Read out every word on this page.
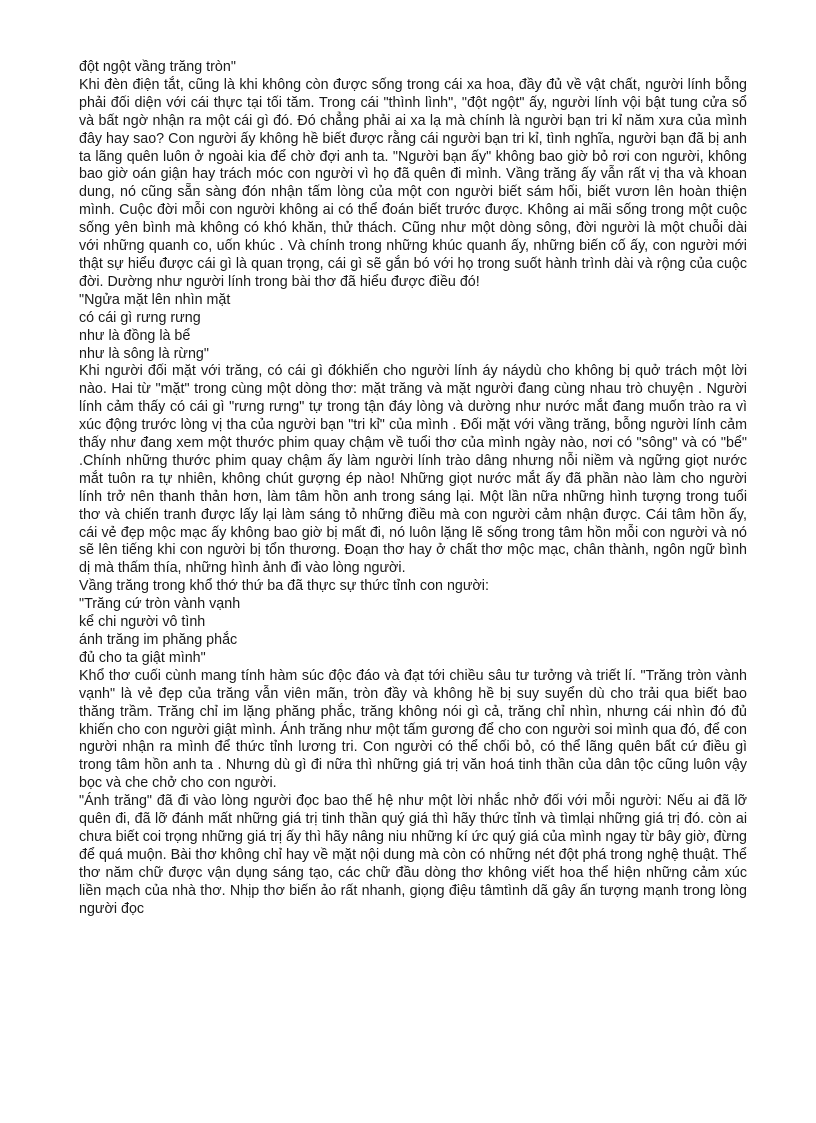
đột ngột vầng trăng tròn"

Khi đèn điện tắt, cũng là khi không còn được sống trong cái xa hoa, đầy đủ về vật chất, người lính bỗng phải đối diện với cái thực tại tối tăm. Trong cái "thình lình", "đột ngột" ấy, người lính vội bật tung cửa sổ và bất ngờ nhận ra một cái gì đó. Đó chẳng phải ai xa lạ mà chính là người bạn tri kỉ năm xưa của mình đây hay sao? Con người ấy không hề biết được rằng cái người bạn tri kỉ, tình nghĩa, người bạn đã bị anh ta lãng quên luôn ở ngoài kia để chờ đợi anh ta. "Người bạn ấy" không bao giờ bỏ rơi con người, không bao giờ oán giận hay trách móc con người vì họ đã quên đi mình. Vầng trăng ấy vẫn rất vị tha và khoan dung, nó cũng sẵn sàng đón nhận tấm lòng của một con người biết sám hối, biết vươn lên hoàn thiện mình. Cuộc đời mỗi con người không ai có thể đoán biết trước được. Không ai mãi sống trong một cuộc sống yên bình mà không có khó khăn, thử thách. Cũng như một dòng sông, đời người là một chuỗi dài với những quanh co, uốn khúc . Và chính trong những khúc quanh ấy, những biến cố ấy, con người mới thật sự hiểu được cái gì là quan trọng, cái gì sẽ gắn bó với họ trong suốt hành trình dài và rộng của cuộc đời. Dường như người lính trong bài thơ đã hiểu được điều đó!

"Ngửa mặt lên nhìn mặt

có cái gì rưng rưng

như là đồng là bể

như là sông là rừng"

Khi người đối mặt với trăng, có cái gì đókhiến cho người lính áy náydù cho không bị quở trách một lời nào. Hai từ "mặt" trong cùng một dòng thơ: mặt trăng và mặt người đang cùng nhau trò chuyện . Người lính cảm thấy có cái gì "rưng rưng" tự trong tận đáy lòng và dường như nước mắt đang muốn trào ra vì xúc động trước lòng vị tha của người bạn "tri kỉ" của mình . Đối mặt với vầng trăng, bỗng người lính cảm thấy như đang xem một thước phim quay chậm về tuổi thơ của mình ngày nào, nơi có "sông" và có "bể" .Chính những thước phim quay chậm ấy làm người lính trào dâng nhưng nỗi niềm và ngững giọt nước mắt tuôn ra tự nhiên, không chút gượng ép nào! Những giọt nước mắt ấy đã phần nào làm cho người lính trở nên thanh thản hơn, làm tâm hồn anh trong sáng lại. Một lần nữa những hình tượng trong tuổi thơ và chiến tranh được lấy lại làm sáng tỏ những điều mà con người cảm nhận được. Cái tâm hồn ấy, cái vẻ đẹp mộc mạc ấy không bao giờ bị mất đi, nó luôn lặng lẽ sống trong tâm hồn mỗi con người và nó sẽ lên tiếng khi con người bị tổn thương. Đoạn thơ hay ở chất thơ mộc mạc, chân thành, ngôn ngữ bình dị mà thấm thía, những hình ảnh đi vào lòng người.

Vầng trăng trong khổ thớ thứ ba đã thực sự thức tỉnh con người:

"Trăng cứ tròn vành vạnh

kể chi người vô tình

ánh trăng im phăng phắc

đủ cho ta giật mình"

Khổ thơ cuối cùnh mang tính hàm súc độc đáo và đạt tới chiều sâu tư tưởng và triết lí. "Trăng tròn vành vạnh" là vẻ đẹp của trăng vẫn viên mãn, tròn đầy và không hề bị suy suyển dù cho trải qua biết bao thăng trầm. Trăng chỉ im lặng phăng phắc, trăng không nói gì cả, trăng chỉ nhìn, nhưng cái nhìn đó đủ khiến cho con người giật mình. Ánh trăng như một tấm gương để cho con người soi mình qua đó, để con người nhận ra mình để thức tỉnh lương tri. Con người có thể chối bỏ, có thể lãng quên bất cứ điều gì trong tâm hồn anh ta . Nhưng dù gì đi nữa thì những giá trị văn hoá tinh thần của dân tộc cũng luôn vậy bọc và che chở cho con người.

"Ánh trăng" đã đi vào lòng người đọc bao thế hệ như một lời nhắc nhở đối với mỗi người: Nếu ai đã lỡ quên đi, đã lỡ đánh mất những giá trị tinh thần quý giá thì hãy thức tỉnh và tìmlại những giá trị đó. còn ai chưa biết coi trọng những giá trị ấy thì hãy nâng niu những kí ức quý giá của mình ngay từ bây giờ, đừng để quá muộn. Bài thơ không chỉ hay về mặt nội dung mà còn có những nét đột phá trong nghệ thuật. Thể thơ năm chữ được vận dụng sáng tạo, các chữ đầu dòng thơ không viết hoa thể hiện những cảm xúc liền mạch của nhà thơ. Nhịp thơ biến ảo rất nhanh, giọng điệu tâmtình dã gây ấn tượng mạnh trong lòng người đọc
